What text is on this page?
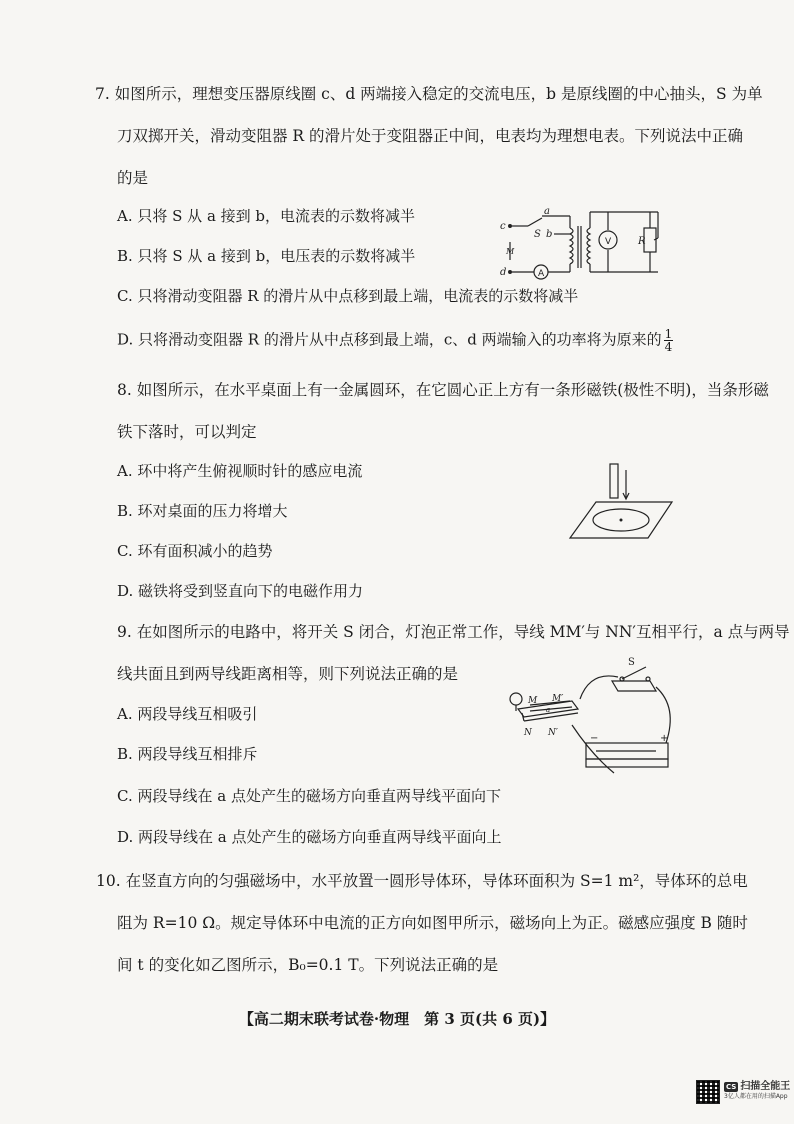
7. 如图所示，理想变压器原线圈 c、d 两端接入稳定的交流电压，b 是原线圈的中心抽头，S 为单
刀双掷开关，滑动变阻器 R 的滑片处于变阻器正中间，电表均为理想电表。下列说法中正确
的是
A. 只将 S 从 a 接到 b，电流表的示数将减半
B. 只将 S 从 a 接到 b，电压表的示数将减半
C. 只将滑动变阻器 R 的滑片从中点移到最上端，电流表的示数将减半
D. 只将滑动变阻器 R 的滑片从中点移到最上端，c、d 两端输入的功率将为原来的 $\frac{1}{4}$
c
d
a
b
S
M
R
V
A
8. 如图所示，在水平桌面上有一金属圆环，在它圆心正上方有一条形磁铁(极性不明)，当条形磁
铁下落时，可以判定
A. 环中将产生俯视顺时针的感应电流
B. 环对桌面的压力将增大
C. 环有面积减小的趋势
D. 磁铁将受到竖直向下的电磁作用力
9. 在如图所示的电路中，将开关 S 闭合，灯泡正常工作，导线 MM′与 NN′互相平行，a 点与两导
线共面且到两导线距离相等，则下列说法正确的是
A. 两段导线互相吸引
B. 两段导线互相排斥
C. 两段导线在 a 点处产生的磁场方向垂直两导线平面向下
D. 两段导线在 a 点处产生的磁场方向垂直两导线平面向上
M M′
N N′
a
S
−	+
10. 在竖直方向的匀强磁场中，水平放置一圆形导体环，导体环面积为 S=1 m²，导体环的总电
阻为 R=10 Ω。规定导体环中电流的正方向如图甲所示，磁场向上为正。磁感应强度 B 随时
间 t 的变化如乙图所示，B₀=0.1 T。下列说法正确的是
【高二期末联考试卷·物理　第 3 页(共 6 页)】
CS 扫描全能王
3亿人都在用的扫描App
